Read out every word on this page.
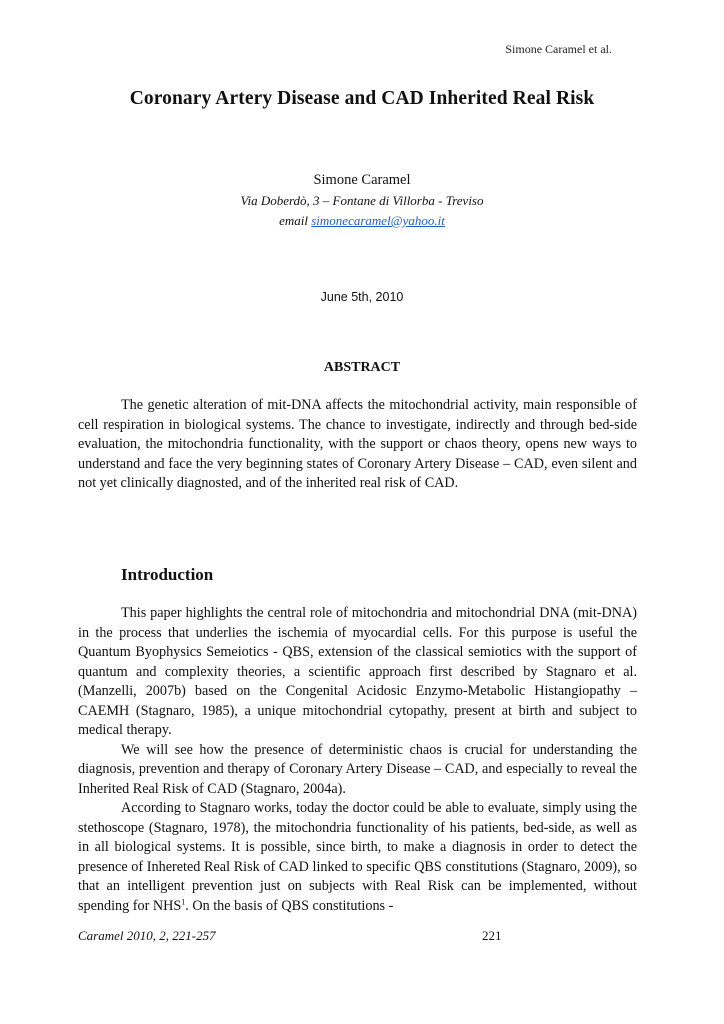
Simone Caramel et al.
Coronary Artery Disease and CAD Inherited Real Risk
Simone Caramel
Via Doberdò, 3 – Fontane di Villorba - Treviso
email simonecaramel@yahoo.it
June 5th, 2010
ABSTRACT
The genetic alteration of mit-DNA affects the mitochondrial activity, main responsible of cell respiration in biological systems. The chance to investigate, indirectly and through bed-side evaluation, the mitochondria functionality, with the support or chaos theory, opens new ways to understand and face the very beginning states of Coronary Artery Disease – CAD, even silent and not yet clinically diagnosted, and of the inherited real risk of CAD.
Introduction

This paper highlights the central role of mitochondria and mitochondrial DNA (mit-DNA) in the process that underlies the ischemia of myocardial cells. For this purpose is useful the Quantum Byophysics Semeiotics - QBS, extension of the classical semiotics with the support of quantum and complexity theories, a scientific approach first described by Stagnaro et al. (Manzelli, 2007b) based on the Congenital Acidosic Enzymo-Metabolic Histangiopathy – CAEMH (Stagnaro, 1985), a unique mitochondrial cytopathy, present at birth and subject to medical therapy.

We will see how the presence of deterministic chaos is crucial for understanding the diagnosis, prevention and therapy of Coronary Artery Disease – CAD, and especially to reveal the Inherited Real Risk of CAD (Stagnaro, 2004a).

According to Stagnaro works, today the doctor could be able to evaluate, simply using the stethoscope (Stagnaro, 1978), the mitochondria functionality of his patients, bed-side, as well as in all biological systems. It is possible, since birth, to make a diagnosis in order to detect the presence of Inhereted Real Risk of CAD linked to specific QBS constitutions (Stagnaro, 2009), so that an intelligent prevention just on subjects with Real Risk can be implemented, without spending for NHS$^1$. On the basis of QBS constitutions -

Caramel 2010, 2, 221-257	221
